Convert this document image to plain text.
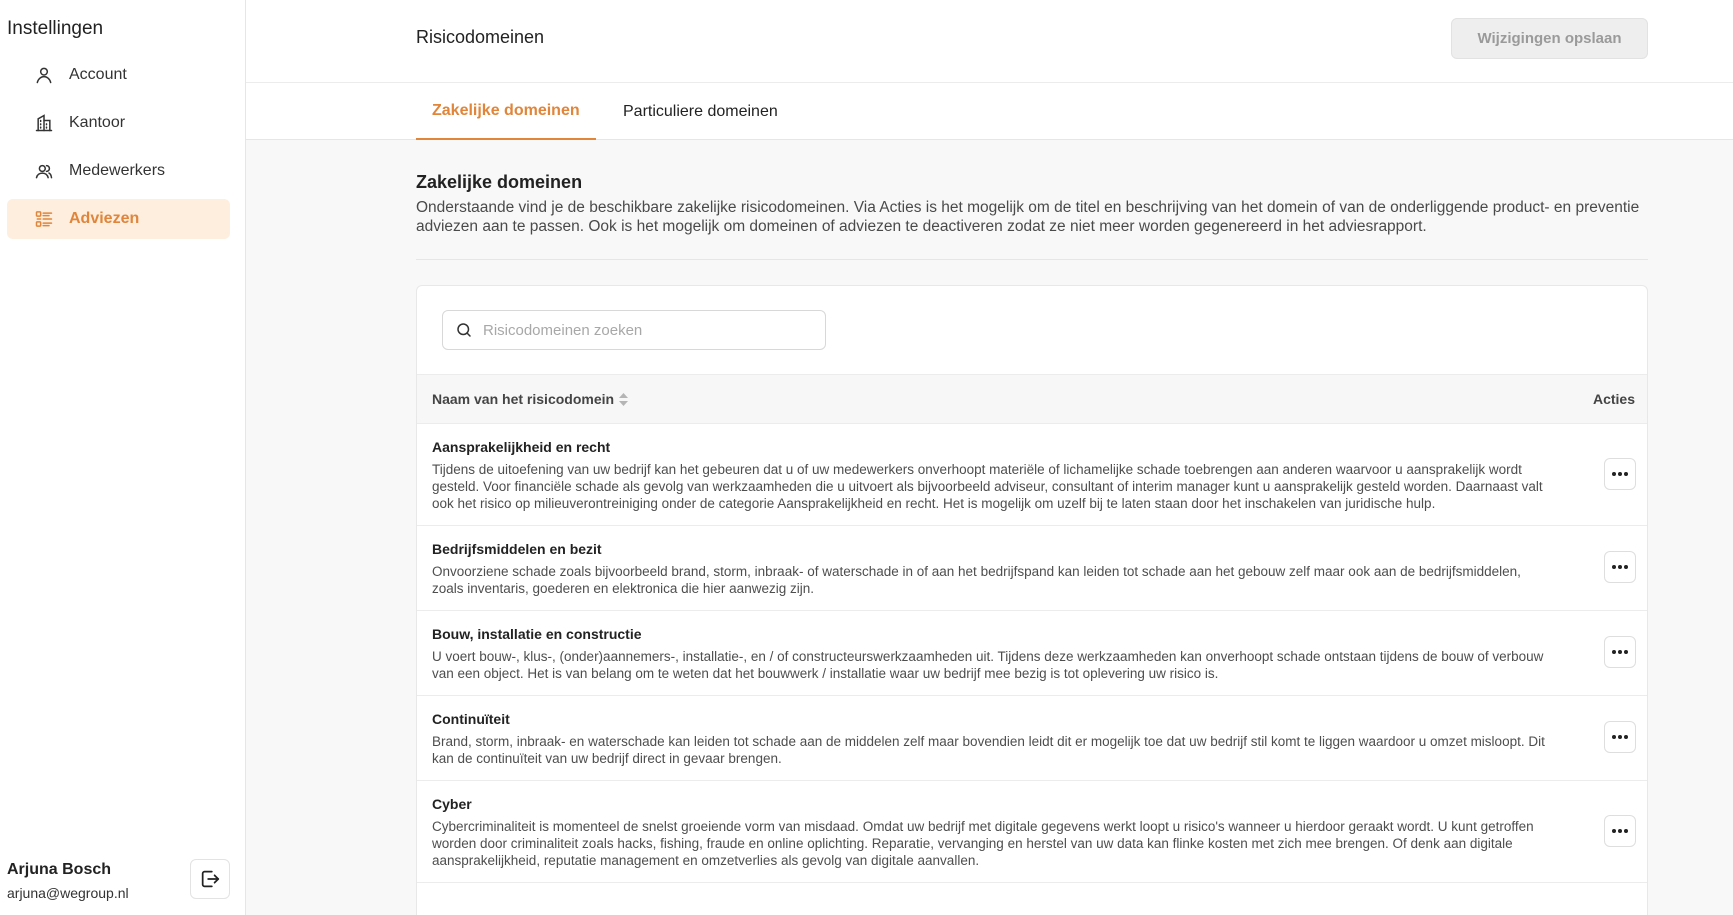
Instellingen
Account
Kantoor
Medewerkers
Adviezen
Arjuna Bosch
arjuna@wegroup.nl
Risicodomeinen	Wijzigingen opslaan
Zakelijke domeinen	Particuliere domeinen
Zakelijke domeinen

Onderstaande vind je de beschikbare zakelijke risicodomeinen. Via Acties is het mogelijk om de titel en beschrijving van het domein of van de onderliggende product- en preventie adviezen aan te passen. Ook is het mogelijk om domeinen of adviezen te deactiveren zodat ze niet meer worden gegenereerd in het adviesrapport.

Risicodomeinen zoeken
Naam van het risicodomein	Acties
Aansprakelijkheid en recht
Tijdens de uitoefening van uw bedrijf kan het gebeuren dat u of uw medewerkers onverhoopt materiële of lichamelijke schade toebrengen aan anderen waarvoor u aansprakelijk wordt gesteld. Voor financiële schade als gevolg van werkzaamheden die u uitvoert als bijvoorbeeld adviseur, consultant of interim manager kunt u aansprakelijk gesteld worden. Daarnaast valt ook het risico op milieuverontreiniging onder de categorie Aansprakelijkheid en recht. Het is mogelijk om uzelf bij te laten staan door het inschakelen van juridische hulp.
Bedrijfsmiddelen en bezit
Onvoorziene schade zoals bijvoorbeeld brand, storm, inbraak- of waterschade in of aan het bedrijfspand kan leiden tot schade aan het gebouw zelf maar ook aan de bedrijfsmiddelen, zoals inventaris, goederen en elektronica die hier aanwezig zijn.
Bouw, installatie en constructie
U voert bouw-, klus-, (onder)aannemers-, installatie-, en / of constructeurswerkzaamheden uit. Tijdens deze werkzaamheden kan onverhoopt schade ontstaan tijdens de bouw of verbouw van een object. Het is van belang om te weten dat het bouwwerk / installatie waar uw bedrijf mee bezig is tot oplevering uw risico is.
Continuïteit
Brand, storm, inbraak- en waterschade kan leiden tot schade aan de middelen zelf maar bovendien leidt dit er mogelijk toe dat uw bedrijf stil komt te liggen waardoor u omzet misloopt. Dit kan de continuïteit van uw bedrijf direct in gevaar brengen.
Cyber
Cybercriminaliteit is momenteel de snelst groeiende vorm van misdaad. Omdat uw bedrijf met digitale gegevens werkt loopt u risico's wanneer u hierdoor geraakt wordt. U kunt getroffen worden door criminaliteit zoals hacks, fishing, fraude en online oplichting. Reparatie, vervanging en herstel van uw data kan flinke kosten met zich mee brengen. Of denk aan digitale aansprakelijkheid, reputatie management en omzetverlies als gevolg van digitale aanvallen.
